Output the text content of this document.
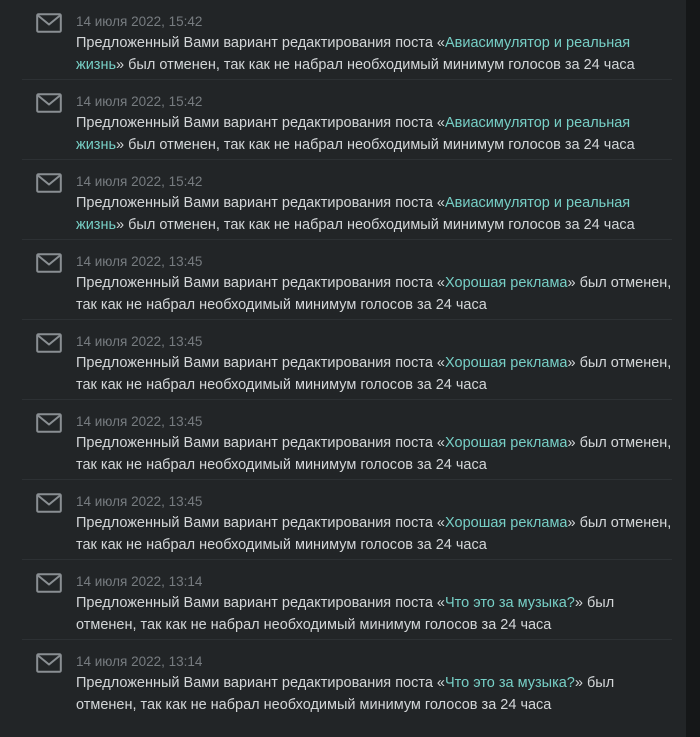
14 июля 2022, 15:42
Предложенный Вами вариант редактирования поста «Авиасимулятор и реальная жизнь» был отменен, так как не набрал необходимый минимум голосов за 24 часа
14 июля 2022, 15:42
Предложенный Вами вариант редактирования поста «Авиасимулятор и реальная жизнь» был отменен, так как не набрал необходимый минимум голосов за 24 часа
14 июля 2022, 15:42
Предложенный Вами вариант редактирования поста «Авиасимулятор и реальная жизнь» был отменен, так как не набрал необходимый минимум голосов за 24 часа
14 июля 2022, 13:45
Предложенный Вами вариант редактирования поста «Хорошая реклама» был отменен, так как не набрал необходимый минимум голосов за 24 часа
14 июля 2022, 13:45
Предложенный Вами вариант редактирования поста «Хорошая реклама» был отменен, так как не набрал необходимый минимум голосов за 24 часа
14 июля 2022, 13:45
Предложенный Вами вариант редактирования поста «Хорошая реклама» был отменен, так как не набрал необходимый минимум голосов за 24 часа
14 июля 2022, 13:45
Предложенный Вами вариант редактирования поста «Хорошая реклама» был отменен, так как не набрал необходимый минимум голосов за 24 часа
14 июля 2022, 13:14
Предложенный Вами вариант редактирования поста «Что это за музыка?» был отменен, так как не набрал необходимый минимум голосов за 24 часа
14 июля 2022, 13:14
Предложенный Вами вариант редактирования поста «Что это за музыка?» был отменен, так как не набрал необходимый минимум голосов за 24 часа
